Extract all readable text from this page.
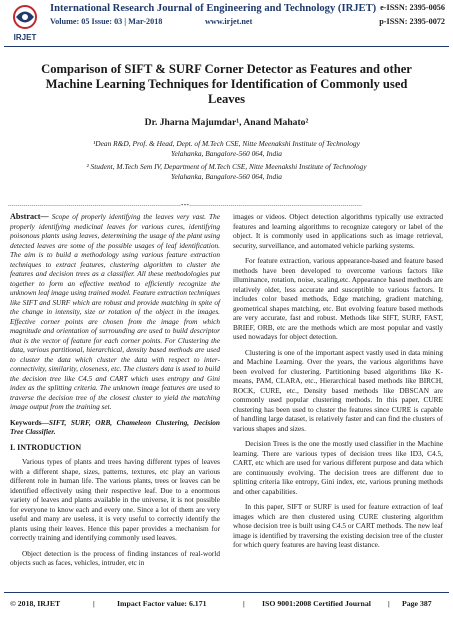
IRJET
International Research Journal of Engineering and Technology (IRJET)
Volume: 05 Issue: 03 | Mar-2018	www.irjet.net
e-ISSN: 2395-0056
p-ISSN: 2395-0072
Comparison of SIFT & SURF Corner Detector as Features and other Machine Learning Techniques for Identification of Commonly used Leaves
Dr. Jharna Majumdar¹, Anand Mahato²
¹Dean R&D, Prof. & Head, Dept. of M.Tech CSE, Nitte Meenakshi Institute of Technology
Yelahanka, Bangalore-560 064, India
² Student, M.Tech Sem IV, Department of M.Tech CSE, Nitte Meenakshi Institute of Technology
Yelahanka, Bangalore-560 064, India
----------------------------------------------------------------------------------------***----------------------------------------------------------------------------------------

Abstract— Scope of properly identifying the leaves very vast. The properly identifying medicinal leaves for various cures, identifying poisonous plants using leaves, determining the usage of the plant using detected leaves are some of the possible usages of leaf identification. The aim is to build a methodology using various feature extraction techniques to extract features, clustering algorithm to cluster the features and decision trees as a classifier. All these methodologies put together to form an effective method to efficiently recognize the unknown leaf image using trained model. Feature extraction techniques like SIFT and SURF which are robust and provide matching in spite of the change in intensity, size or rotation of the object in the images. Effective corner points are chosen from the image from which magnitude and orientation of surrounding are used to build descriptor that is the vector of feature for each corner points. For Clustering the data, various partitional, hierarchical, density based methods are used to cluster the data which cluster the data with respect to inter-connectivity, similarity, closeness, etc. The clusters data is used to build the decision tree like C4.5 and CART which uses entropy and Gini index as the splitting criteria. The unknown image features are used to traverse the decision tree of the closest cluster to yield the matching image output from the training set.

Keywords—SIFT, SURF, ORB, Chameleon Clustering, Decision Tree Classifier.

I. INTRODUCTION

Various types of plants and trees having different types of leaves with a different shape, sizes, patterns, textures, etc play an various different role in human life. The various plants, trees or leaves can be identified effectively using their respective leaf. Due to a enormous variety of leaves and plants available in the universe, it is not possible for everyone to know each and every one. Since a lot of them are very useful and many are useless, it is very useful to correctly identify the plants using their leaves. Hence this paper provides a mechanism for correctly training and identifying commonly used leaves.

Object detection is the process of finding instances of real-world objects such as faces, vehicles, intruder, etc in

images or videos. Object detection algorithms typically use extracted features and learning algorithms to recognize category or label of the object. It is commonly used in applications such as image retrieval, security, surveillance, and automated vehicle parking systems.

For feature extraction, various appearance-based and feature based methods have been developed to overcome various factors like illuminance, rotation, noise, scaling,etc. Appearance based methods are relatively older, less accurate and susceptible to various factors. It includes color based methods, Edge matching, gradient matching, geometrical shapes matching, etc. But evolving feature based methods are very accurate, fast and robust. Methods like SIFT, SURF, FAST, BRIEF, ORB, etc are the methods which are most popular and vastly used nowadays for object detection.

Clustering is one of the important aspect vastly used in data mining and Machine Learning. Over the years, the various algorithms have been evolved for clustering. Partitioning based algorithms like K-means, PAM, CLARA, etc., Hierarchical based methods like BIRCH, ROCK, CURE, etc., Density based methods like DBSCAN are commonly used popular clustering methods. In this paper, CURE clustering has been used to cluster the features since CURE is capable of handling large dataset, is relatively faster and can find the clusters of various shapes and sizes.

Decision Trees is the one the mostly used classifier in the Machine learning. There are various types of decision trees like ID3, C4.5, CART, etc which are used for various different purpose and data which are continuously evolving. The decision trees are different due to splitting criteria like entropy, Gini index, etc, various pruning methods and other capabilities.

In this paper, SIFT or SURF is used for feature extraction of leaf images which are then clustered using CURE clustering algorithm whose decision tree is built using C4.5 or CART methods. The new leaf image is identified by traversing the existing decision tree of the cluster for which query features are having least distance.

© 2018, IRJET	|	Impact Factor value: 6.171	| ISO 9001:2008 Certified Journal | Page 387
